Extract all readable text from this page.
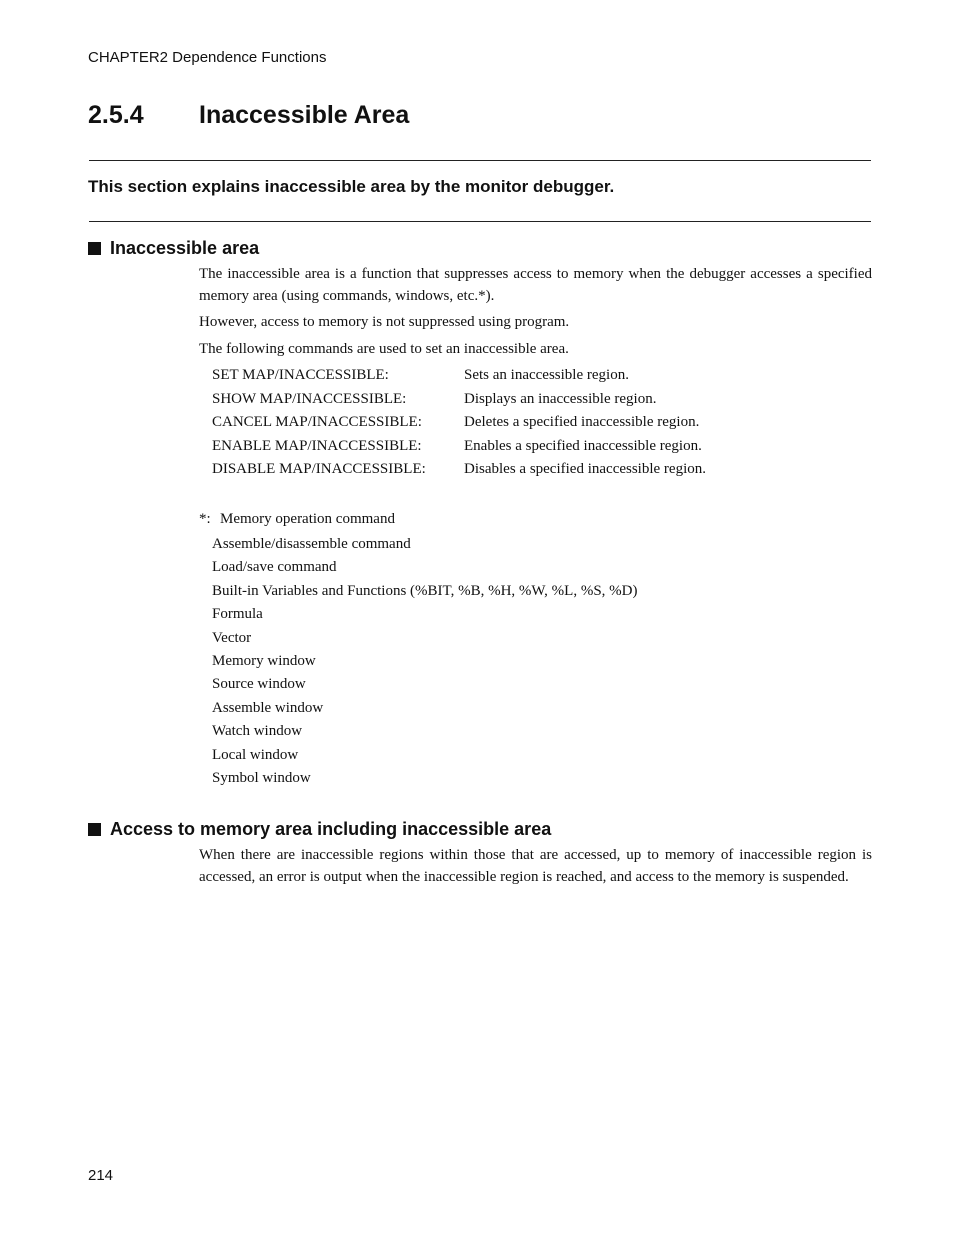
CHAPTER2 Dependence Functions
2.5.4 Inaccessible Area

This section explains inaccessible area by the monitor debugger.

Inaccessible area

The inaccessible area is a function that suppresses access to memory when the debugger accesses a specified memory area (using commands, windows, etc.*).

However, access to memory is not suppressed using program.

The following commands are used to set an inaccessible area.

SET MAP/INACCESSIBLE:	Sets an inaccessible region.
SHOW MAP/INACCESSIBLE:	Displays an inaccessible region.
CANCEL MAP/INACCESSIBLE:	Deletes a specified inaccessible region.
ENABLE MAP/INACCESSIBLE:	Enables a specified inaccessible region.
DISABLE MAP/INACCESSIBLE:	Disables a specified inaccessible region.

*: Memory operation command

Assemble/disassemble command
Load/save command
Built-in Variables and Functions (%BIT, %B, %H, %W, %L, %S, %D)
Formula
Vector
Memory window
Source window
Assemble window
Watch window
Local window
Symbol window
Access to memory area including inaccessible area

When there are inaccessible regions within those that are accessed, up to memory of inaccessible region is accessed, an error is output when the inaccessible region is reached, and access to the memory is suspended.

214
